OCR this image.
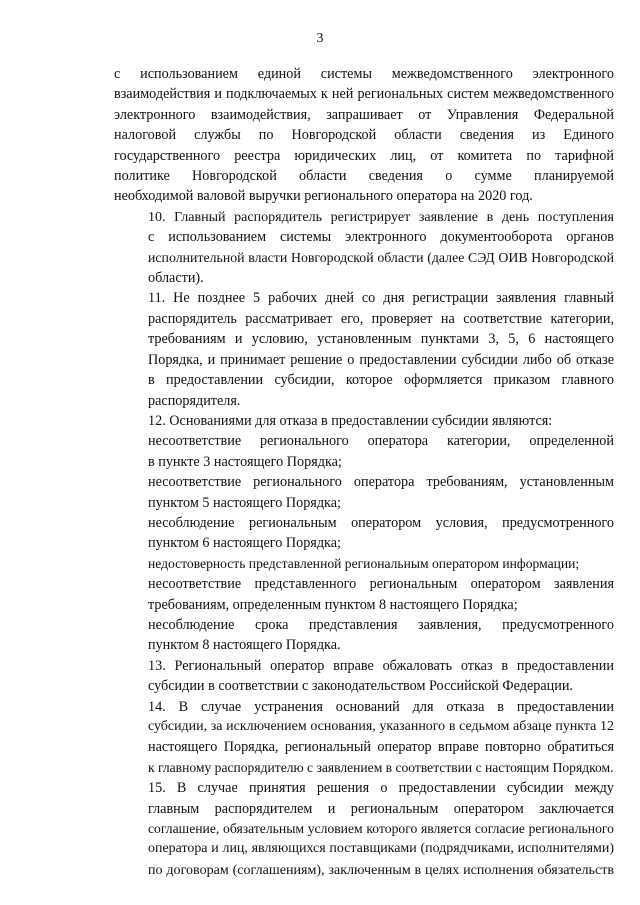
3
с использованием единой системы межведомственного электронного
взаимодействия и подключаемых к ней региональных систем межведомственного
электронного взаимодействия, запрашивает от Управления Федеральной
налоговой службы по Новгородской области сведения из Единого
государственного реестра юридических лиц, от комитета по тарифной
политике Новгородской области сведения о сумме планируемой
необходимой валовой выручки регионального оператора на 2020 год.
10. Главный распорядитель регистрирует заявление в день поступления
с использованием системы электронного документооборота органов
исполнительной власти Новгородской области (далее СЭД ОИВ Новгородской
области).
11. Не позднее 5 рабочих дней со дня регистрации заявления главный
распорядитель рассматривает его, проверяет на соответствие категории,
требованиям и условию, установленным пунктами 3, 5, 6 настоящего
Порядка, и принимает решение о предоставлении субсидии либо об отказе
в предоставлении субсидии, которое оформляется приказом главного
распорядителя.
12. Основаниями для отказа в предоставлении субсидии являются:
несоответствие регионального оператора категории, определенной
в пункте 3 настоящего Порядка;
несоответствие регионального оператора требованиям, установленным
пунктом 5 настоящего Порядка;
несоблюдение региональным оператором условия, предусмотренного
пунктом 6 настоящего Порядка;
недостоверность представленной региональным оператором информации;
несоответствие представленного региональным оператором заявления
требованиям, определенным пунктом 8 настоящего Порядка;
несоблюдение срока представления заявления, предусмотренного
пунктом 8 настоящего Порядка.
13. Региональный оператор вправе обжаловать отказ в предоставлении
субсидии в соответствии с законодательством Российской Федерации.
14. В случае устранения оснований для отказа в предоставлении
субсидии, за исключением основания, указанного в седьмом абзаце пункта 12
настоящего Порядка, региональный оператор вправе повторно обратиться
к главному распорядителю с заявлением в соответствии с настоящим Порядком.
15. В случае принятия решения о предоставлении субсидии между
главным распорядителем и региональным оператором заключается
соглашение, обязательным условием которого является согласие регионального
оператора и лиц, являющихся поставщиками (подрядчиками, исполнителями)
по договорам (соглашениям), заключенным в целях исполнения обязательств
